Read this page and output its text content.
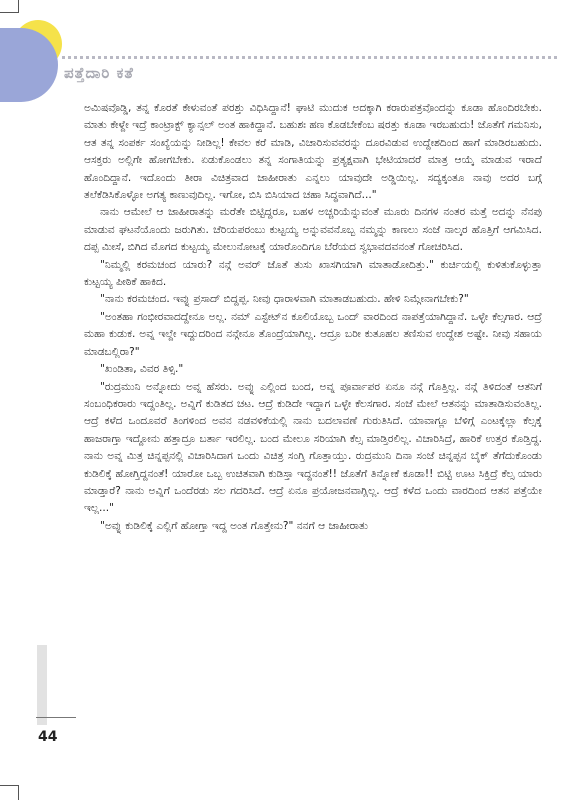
ಪತ್ತೆದಾರಿ ಕತೆ

ಅಮಿಷವೊಡ್ಡಿ, ತನ್ನ ಕೊರತೆ ಕೇಳುವಂತೆ ಪರಶ್ತು ವಿಧಿಸಿದ್ದಾನೆ! ಘಾಟಿ ಮುದುಕ ಅದಕ್ಕಾಗಿ ಕರಾರುಪತ್ರವೊಂದನ್ನು ಕೂಡಾ ಹೊಂದಿರಬೇಕು. ಮಾತು ಕೇಳ್ದೇ ಇದ್ರೆ ಕಾಂಟ್ರಾಕ್ಟ್ ಕ್ಯಾನ್ಸಲ್ ಅಂತ ಹಾಕಿದ್ದಾನೆ. ಬಹುಶಃ ಹಣ ಕೊಡಬೇಕೆಂಬ ಷರತ್ತು ಕೂಡಾ ಇರಬಹುದು! ಜೊತೆಗೆ ಗಮನಿಸು, ಆತ ತನ್ನ ಸಂಪರ್ಕ ಸಂಖ್ಯೆಯನ್ನು ನೀಡಿಲ್ಲ! ಕೇವಲ ಕರೆ ಮಾಡಿ, ವಿಚಾರಿಸುವವರನ್ನು ದೂರವಿಡುವ ಉದ್ದೇಶದಿಂದ ಹಾಗೆ ಮಾಡಿರಬಹುದು. ಆಸಕ್ತರು ಅಲ್ಲಿಗೇ ಹೋಗಬೇಕು. ಏಡುಕೊಂಡಲು ತನ್ನ ಸಂಗಾತಿಯನ್ನು ಪ್ರತ್ಯಕ್ಷವಾಗಿ ಭೇಟಿಯಾದರೆ ಮಾತ್ರ ಆಯ್ಕೆ ಮಾಡುವ ಇರಾದೆ ಹೊಂದಿದ್ದಾನೆ. ಇದೊಂದು ತೀರಾ ವಿಚಿತ್ರವಾದ ಜಾಹೀರಾತು ಎನ್ನಲು ಯಾವುದೇ ಅಡ್ಡಿಯಿಲ್ಲ. ಸದ್ಯಕ್ಕಂತೂ ನಾವು ಅದರ ಬಗ್ಗೆ ತಲೆಕೆಡಿಸಿಕೊಳ್ಳೋ ಅಗತ್ಯ ಕಾಣುವುದಿಲ್ಲ. ಇಗೋ, ಬಿಸಿ ಬಿಸಿಯಾದ ಚಹಾ ಸಿದ್ಧವಾಗಿದೆ..."

ನಾನು ಆಮೇಲೆ ಆ ಜಾಹೀರಾತನ್ನು ಮರೆತೇ ಬಿಟ್ಟಿದ್ದರೂ, ಬಹಳ ಅಚ್ಚರಿಯೆನ್ನುವಂತೆ ಮೂರು ದಿನಗಳ ನಂತರ ಮತ್ತೆ ಅದನ್ನು ನೆನಪು ಮಾಡುವ ಘಟನೆಯೊಂದು ಜರುಗಿತು. ಚೆರಿಯಪರಂಬು ಕುಟ್ಟಯ್ಯ ಅನ್ನುವವನೊಬ್ಬ ನಮ್ಮನ್ನು ಕಾಣಲು ಸಂಜೆ ನಾಲ್ಕರ ಹೊತ್ತಿಗೆ ಆಗಮಿಸಿದ. ದಪ್ಪ ಮೀಸೆ, ಬಿಗಿದ ಮೊಗದ ಕುಟ್ಟಯ್ಯ ಮೇಲುನೋಟಕ್ಕೆ ಯಾರೊಂದಿಗೂ ಬೆರೆಯದ ಸ್ವಭಾವದವನಂತೆ ಗೋಚರಿಸಿದ.

"ನಿಮ್ಮಲ್ಲಿ ಕರಮಚಂದ ಯಾರು? ನನ್ಗೆ ಅವರ್ ಜೊತೆ ತುಸು ಖಾಸಗಿಯಾಗಿ ಮಾತಾಡೋದಿತ್ತು." ಕುರ್ಚಿಯಲ್ಲಿ ಕುಳಿತುಕೊಳ್ಳುತ್ತಾ ಕುಟ್ಟಯ್ಯ ಪೀಠಿಕೆ ಹಾಕಿದ.

"ನಾನು ಕರಮಚಂದ. ಇವ್ನು ಪ್ರಸಾದ್ ಬಿದ್ದಪ್ಪ. ನೀವು ಧಾರಾಳವಾಗಿ ಮಾತಾಡಬಹುದು. ಹೇಳಿ ನಿಮ್ಗೇನಾಗಬೇಕು?"

"ಅಂತಹಾ ಗಂಭೀರವಾದದ್ದೇನೂ ಅಲ್ಲ. ನಮ್ ಎಸ್ಟೇಟ್‌ನ ಕೂಲಿಯೊಬ್ಬ ಒಂದ್ ವಾರದಿಂದ ನಾಪತ್ತೆಯಾಗಿದ್ದಾನೆ. ಒಳ್ಳೇ ಕೆಲ್ಸಗಾರ. ಆದ್ರೆ ಮಹಾ ಕುಡುಕ. ಅವ್ನ ಇಲ್ದೇ ಇದ್ದುದರಿಂದ ನನ್ಗೇನೂ ತೊಂದ್ರೆಯಾಗಿಲ್ಲ. ಆದ್ರೂ ಬರೀ ಕುತೂಹಲ ತಣಿಸುವ ಉದ್ದೇಶ ಅಷ್ಟೇ. ನೀವು ಸಹಾಯ ಮಾಡಬಲ್ಲಿರಾ?"

"ಖಂಡಿತಾ, ವಿವರ ತಿಳ್ಸಿ."

"ರುದ್ರಮುನಿ ಅನ್ನೋದು ಅವ್ನ ಹೆಸರು. ಅವ್ನು ಎಲ್ಲಿಂದ ಬಂದ, ಅವ್ನ ಪೂರ್ವಾಪರ ಏನೂ ನನ್ಗೆ ಗೊತ್ತಿಲ್ಲ. ನನ್ಗೆ ತಿಳಿದಂತೆ ಆತನಿಗೆ ಸಂಬಂಧಿಕರಾರು ಇದ್ದಂತಿಲ್ಲ. ಅವ್ನಿಗೆ ಕುಡಿತದ ಚಟ. ಆದ್ರೆ ಕುಡಿದೇ ಇದ್ದಾಗ ಒಳ್ಳೇ ಕೆಲಸಗಾರ. ಸಂಜೆ ಮೇಲೆ ಆತನನ್ನು ಮಾತಾಡಿಸುವಂತಿಲ್ಲ. ಆದ್ರೆ ಕಳೆದ ಒಂದೂವರೆ ತಿಂಗಳಿಂದ ಅವನ ನಡವಳಿಕೆಯಲ್ಲಿ ನಾನು ಬದಲಾವಣೆ ಗುರುತಿಸಿದೆ. ಯಾವಾಗ್ಲೂ ಬೆಳಿಗ್ಗೆ ಎಂಟಕ್ಕೆಲ್ಲಾ ಕೆಲ್ಸಕ್ಕೆ ಹಾಜರಾಗ್ತಾ ಇದ್ದೋನು ಹತ್ತಾದ್ರೂ ಬರ್ತಾ ಇರಲಿಲ್ಲ. ಬಂದ ಮೇಲೂ ಸರಿಯಾಗಿ ಕೆಲ್ಸ ಮಾಡ್ತಿರಲಿಲ್ಲ. ವಿಚಾರಿಸಿದ್ರೆ, ಹಾರಿಕೆ ಉತ್ತರ ಕೊಡ್ತಿದ್ದ. ನಾನು ಅವ್ನ ಮಿತ್ರ ಚಿನ್ನಪ್ಪನಲ್ಲಿ ವಿಚಾರಿಸಿದಾಗ ಒಂದು ವಿಚಿತ್ರ ಸಂಗ್ತಿ ಗೊತ್ತಾಯ್ತು. ರುದ್ರಮುನಿ ದಿನಾ ಸಂಜೆ ಚಿನ್ನಪ್ಪನ ಬೈಕ್ ತೆಗೆದುಕೊಂಡು ಕುಡಿಲಿಕ್ಕೆ ಹೋಗ್ತಿದ್ದನಂತೆ! ಯಾರೋ ಒಬ್ಬ ಉಚಿತವಾಗಿ ಕುಡಿಸ್ತಾ ಇದ್ದನಂತೆ!! ಜೊತೆಗೆ ತಿನ್ನೋಕೆ ಕೂಡಾ!! ಬಿಟ್ಟಿ ಊಟ ಸಿಕ್ತಿದ್ರೆ ಕೆಲ್ಸ ಯಾರು ಮಾಡ್ತಾರೆ? ನಾನು ಅವ್ನಿಗೆ ಒಂದೆರಡು ಸಲ ಗದರಿಸಿದೆ. ಆದ್ರೆ ಏನೂ ಪ್ರಯೋಜನವಾಗ್ಲಿಲ್ಲ. ಆದ್ರೆ ಕಳೆದ ಒಂದು ವಾರದಿಂದ ಆತನ ಪತ್ತೆಯೇ ಇಲ್ಲ..."

"ಅವ್ನು ಕುಡಿಲಿಕ್ಕೆ ಎಲ್ಲಿಗೆ ಹೋಗ್ತಾ ಇದ್ದ ಅಂತ ಗೊತ್ತೇನು?" ನನಗೆ ಆ ಜಾಹೀರಾತು

44
